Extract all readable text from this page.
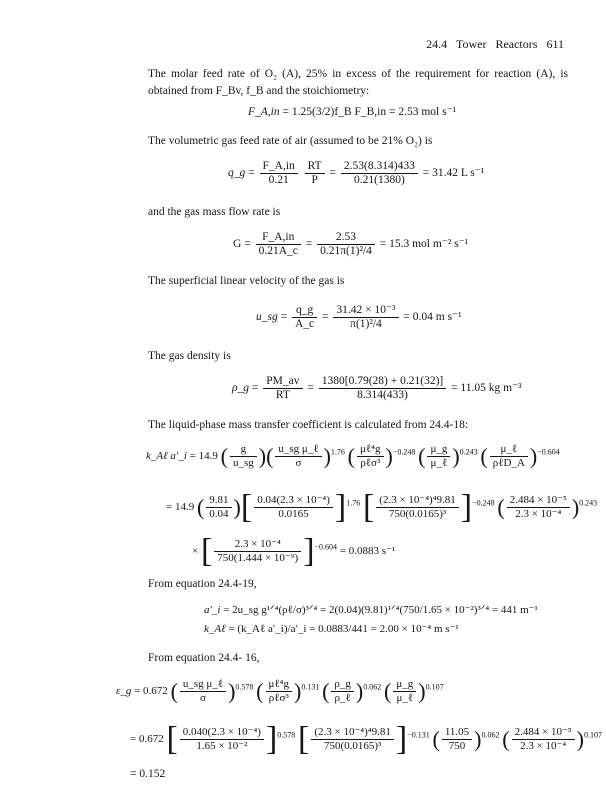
24.4 Tower Reactors 611
The molar feed rate of O₂ (A), 25% in excess of the requirement for reaction (A), is obtained from F_Bv, f_B and the stoichiometry:
F_A,in = 1.25(3/2)f_B F_B,in = 2.53 mol s⁻¹
The volumetric gas feed rate of air (assumed to be 21% O₂) is
q_g = $\frac{F\_A,in}{0.21}$
$\frac{RT}{P} = \frac{2.53(8.314)433}{0.21(1380)} = 31.42$ L s⁻¹
and the gas mass flow rate is
$G = \frac{F\_A,in}{0.21A\_c} = \frac{2.53}{\text{0.21π(1)²/4}} = 15.3$ mol m⁻² s⁻¹
The superficial linear velocity of the gas is
u_sg = $\frac{q\_g}{A\_c} = \frac{\text{31.42 × 10⁻³}}{\text{π(1)²/4}} = 0.04$ m s⁻¹
The gas density is
ρ_g = $\frac{PM\_av}{RT} = \frac{1380[0.79(28) + 0.21(32)]}{8.314(433)} = 11.05$ kg m⁻³
The liquid-phase mass transfer coefficient is calculated from 24.4-18:
k_Aℓ a′_i = 14.9 ( $\frac{g}{u\_sg}$ )( $\frac{\text{u\_sg μ\_ℓ}}{\sigma} )^{1.76}$ ( $\frac{\text{μℓ⁴g}}{\text{ρℓσ³}} )^{-0.248}$ ( $\frac{\mu\_g}{\text{μ\_ℓ}} )^{0.243}$ ( $\frac{\text{μ\_ℓ}}{\text{ρℓD\_A}} )^{-0.604}$
= 14.9 ( $\frac{9.81}{0.04}$ )[ $\frac{\text{0.04(2.3 × 10⁻⁴)}}{0.0165} ]^{1.76}$ [ $\frac{\text{(2.3 × 10⁻⁴)⁴9.81}}{\text{750(0.0165)³}} ]^{-0.248}$ ( $\frac{\text{2.484 × 10⁻⁵}}{\text{2.3 × 10⁻⁴}} )^{0.243}$
× [ $\frac{\text{2.3 × 10⁻⁴}}{\text{750(1.444 × 10⁻⁹)}} ]^{-0.604} = 0.0883$ s⁻¹
From equation 24.4-19,
a′_i = 2u_sg g¹ᐟ⁴(ρℓ/σ)³ᐟ⁴ = 2(0.04)(9.81)¹ᐟ⁴(750/1.65 × 10⁻²)³ᐟ⁴ = 441 m⁻¹
k_Aℓ = (k_Aℓ a′_i)/a′_i = 0.0883/441 = 2.00 × 10⁻⁴ m s⁻¹
From equation 24.4- 16,
ε_g = 0.672 ( $\frac{\text{u\_sg μ\_ℓ}}{\sigma} )^{0.578}$ ( $\frac{\text{μℓ⁴g}}{\text{ρℓσ³}} )^{0.131}$ ( $\frac{\rho\_g}{\text{ρ\_ℓ}} )^{0.062}$ ( $\frac{\mu\_g}{\text{μ\_ℓ}} )^{0.107}$
= 0.672 [ $\frac{\text{0.040(2.3 × 10⁻⁴)}}{\text{1.65 × 10⁻²}} ]^{0.578}$ [ $\frac{\text{(2.3 × 10⁻⁴)⁴9.81}}{\text{750(0.0165)³}} ]^{-0.131}$ ( $\frac{11.05}{750} )^{0.062}$ ( $\frac{\text{2.484 × 10⁻⁵}}{\text{2.3 × 10⁻⁴}} )^{0.107}$
= 0.152
